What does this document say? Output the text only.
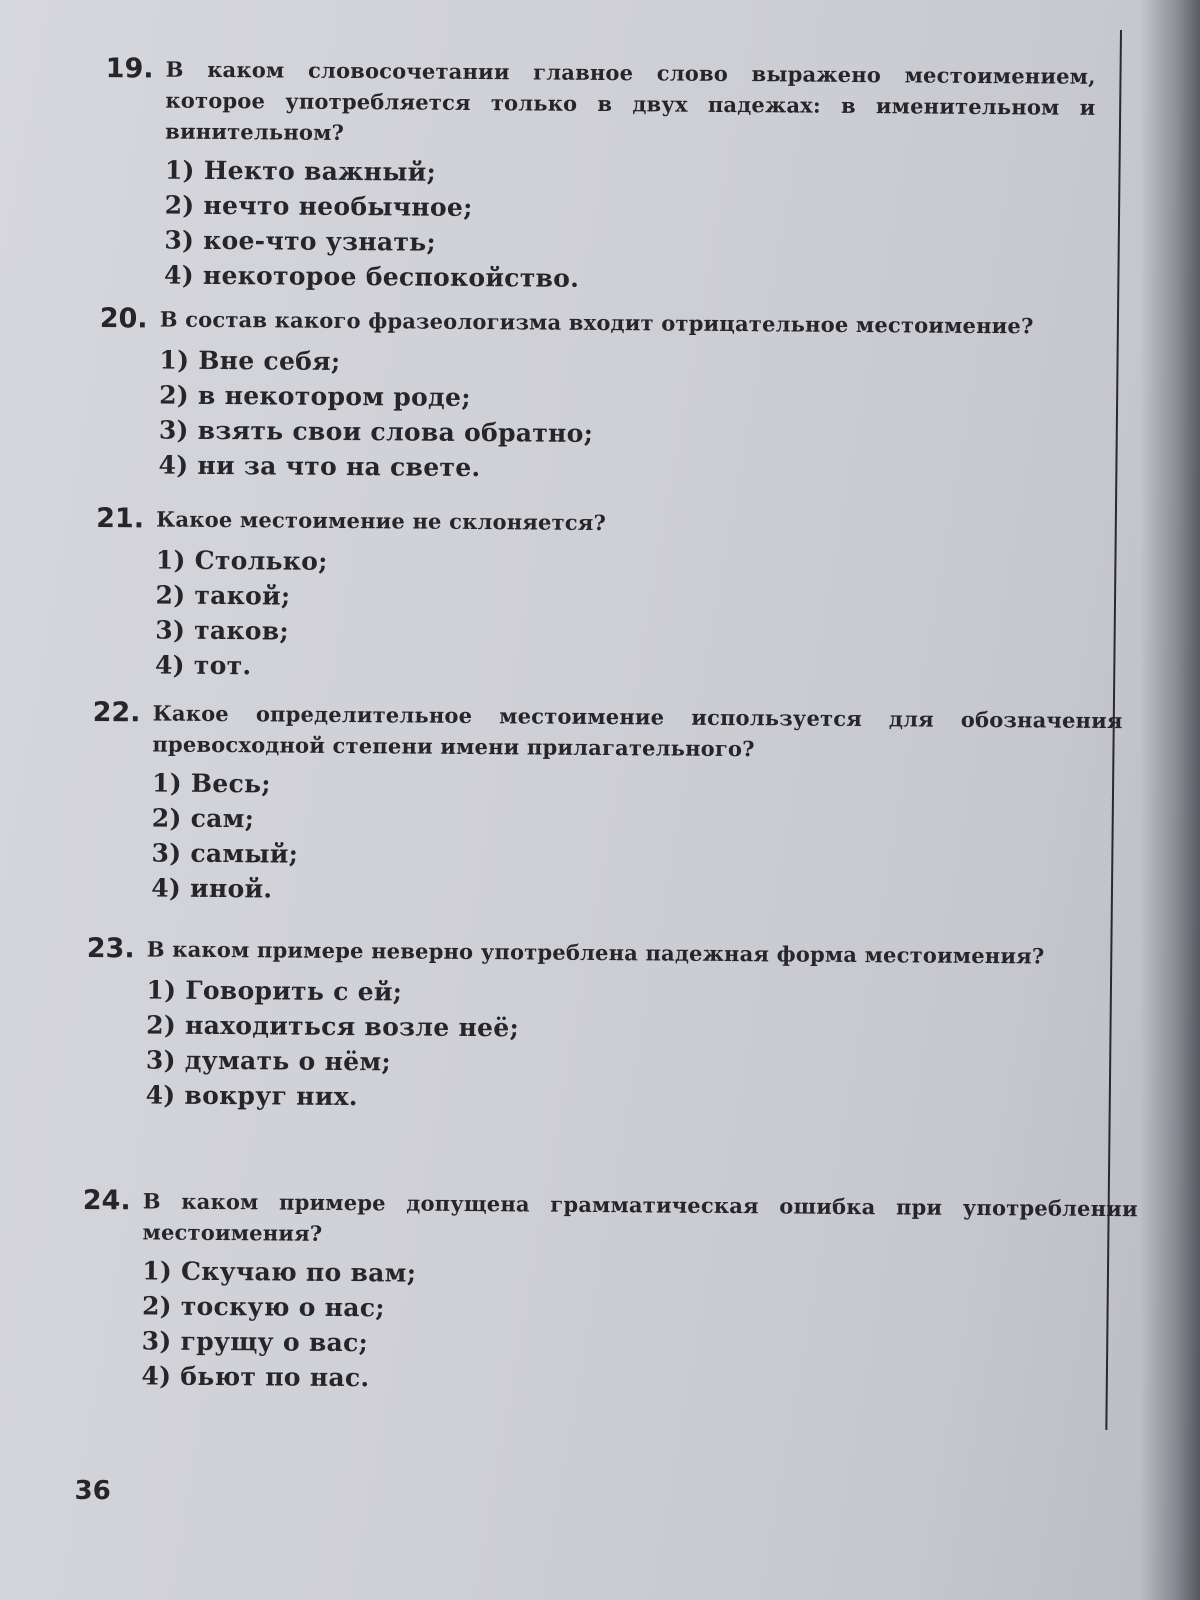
19. В каком словосочетании главное слово выражено местоимением, которое употребляется только в двух падежах: в именительном и винительном?
1) Некто важный;
2) нечто необычное;
3) кое-что узнать;
4) некоторое беспокойство.
20. В состав какого фразеологизма входит отрицательное местоимение?
1) Вне себя;
2) в некотором роде;
3) взять свои слова обратно;
4) ни за что на свете.
21. Какое местоимение не склоняется?
1) Столько;
2) такой;
3) таков;
4) тот.
22. Какое определительное местоимение используется для обозначения превосходной степени имени прилагательного?
1) Весь;
2) сам;
3) самый;
4) иной.
23. В каком примере неверно употреблена падежная форма местоимения?
1) Говорить с ей;
2) находиться возле неё;
3) думать о нём;
4) вокруг них.
24. В каком примере допущена грамматическая ошибка при употреблении местоимения?
1) Скучаю по вам;
2) тоскую о нас;
3) грущу о вас;
4) бьют по нас.
36
